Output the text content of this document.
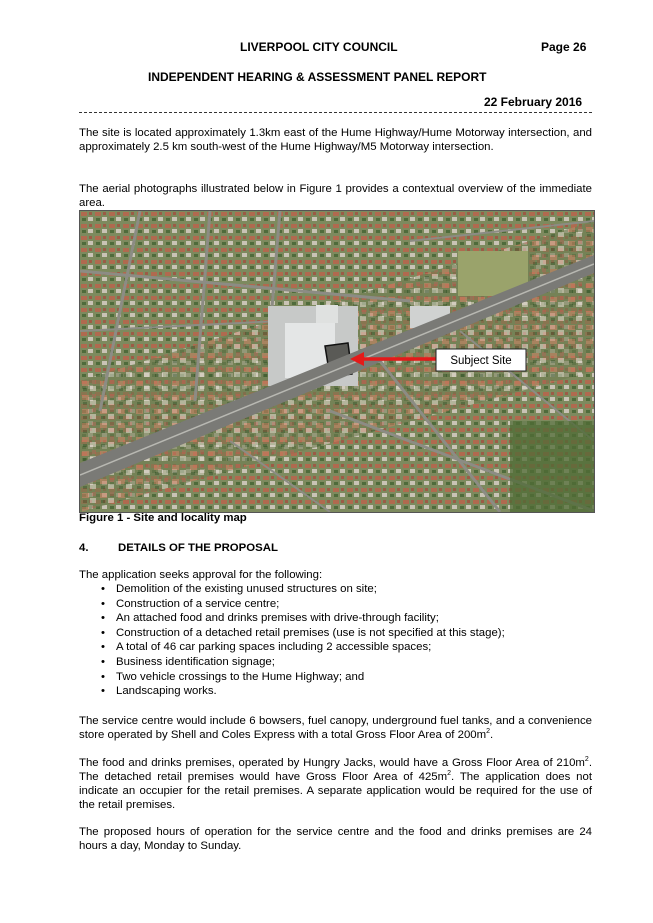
LIVERPOOL CITY COUNCIL	Page 26
INDEPENDENT HEARING & ASSESSMENT PANEL REPORT
22 February 2016
The site is located approximately 1.3km east of the Hume Highway/Hume Motorway intersection, and approximately 2.5 km south-west of the Hume Highway/M5 Motorway intersection.
The aerial photographs illustrated below in Figure 1 provides a contextual overview of the immediate area.
Subject Site
Figure 1 - Site and locality map
4.	DETAILS OF THE PROPOSAL
The application seeks approval for the following:
• Demolition of the existing unused structures on site;
• Construction of a service centre;
• An attached food and drinks premises with drive-through facility;
• Construction of a detached retail premises (use is not specified at this stage);
• A total of 46 car parking spaces including 2 accessible spaces;
• Business identification signage;
• Two vehicle crossings to the Hume Highway; and
• Landscaping works.
The service centre would include 6 bowsers, fuel canopy, underground fuel tanks, and a convenience store operated by Shell and Coles Express with a total Gross Floor Area of $200m^2$.
The food and drinks premises, operated by Hungry Jacks, would have a Gross Floor Area of $210m^2$. The detached retail premises would have Gross Floor Area of $425m^2$. The application does not indicate an occupier for the retail premises. A separate application would be required for the use of the retail premises.
The proposed hours of operation for the service centre and the food and drinks premises are 24 hours a day, Monday to Sunday.
